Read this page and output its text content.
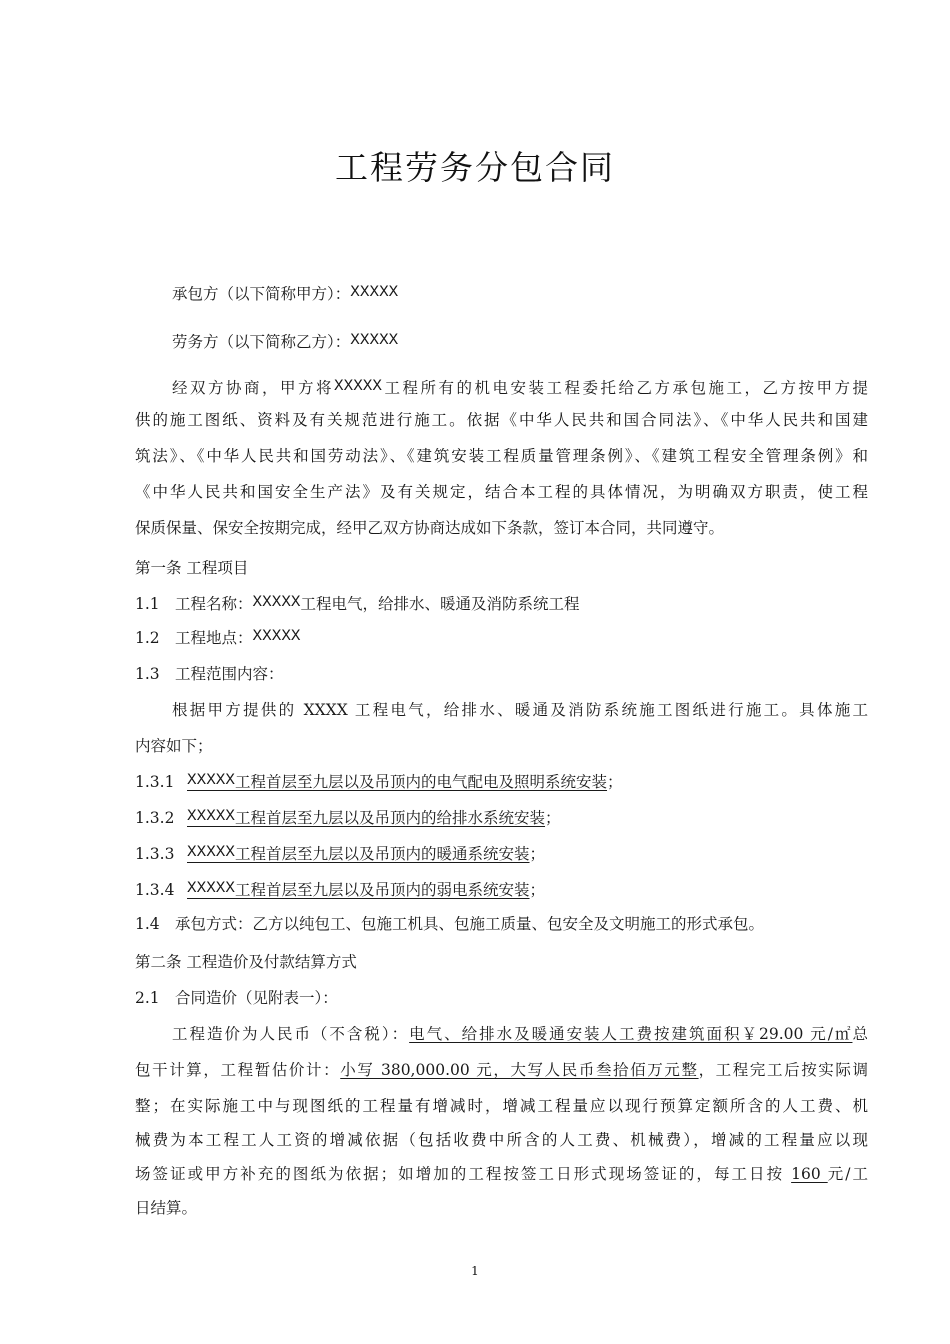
工程劳务分包合同
承包方（以下简称甲方）：XXXXX
劳务方（以下简称乙方）：XXXXX
经双方协商，甲方将XXXXX工程所有的机电安装工程委托给乙方承包施工，乙方按甲方提
供的施工图纸、资料及有关规范进行施工。依据《中华人民共和国合同法》、《中华人民共和国建
筑法》、《中华人民共和国劳动法》、《建筑安装工程质量管理条例》、《建筑工程安全管理条例》和
《中华人民共和国安全生产法》及有关规定，结合本工程的具体情况，为明确双方职责，使工程
保质保量、保安全按期完成，经甲乙双方协商达成如下条款，签订本合同，共同遵守。
第一条 工程项目
1.1 工程名称：XXXXX工程电气，给排水、暖通及消防系统工程
1.2 工程地点：XXXXX
1.3 工程范围内容：
根据甲方提供的 XXXX 工程电气，给排水、暖通及消防系统施工图纸进行施工。具体施工
内容如下；
1.3.1 XXXXX工程首层至九层以及吊顶内的电气配电及照明系统安装；
1.3.2 XXXXX工程首层至九层以及吊顶内的给排水系统安装；
1.3.3 XXXXX工程首层至九层以及吊顶内的暖通系统安装；
1.3.4 XXXXX工程首层至九层以及吊顶内的弱电系统安装；
1.4 承包方式：乙方以纯包工、包施工机具、包施工质量、包安全及文明施工的形式承包。
第二条 工程造价及付款结算方式
2.1 合同造价（见附表一）：
工程造价为人民币（不含税）：电气、给排水及暖通安装人工费按建筑面积￥29.00 元/㎡总
包干计算，工程暂估价计：小写 380,000.00 元，大写人民币叁拾佰万元整，工程完工后按实际调
整；在实际施工中与现图纸的工程量有增减时，增减工程量应以现行预算定额所含的人工费、机
械费为本工程工人工资的增减依据（包括收费中所含的人工费、机械费），增减的工程量应以现
场签证或甲方补充的图纸为依据；如增加的工程按签工日形式现场签证的，每工日按 160 元/工
日结算。
1
